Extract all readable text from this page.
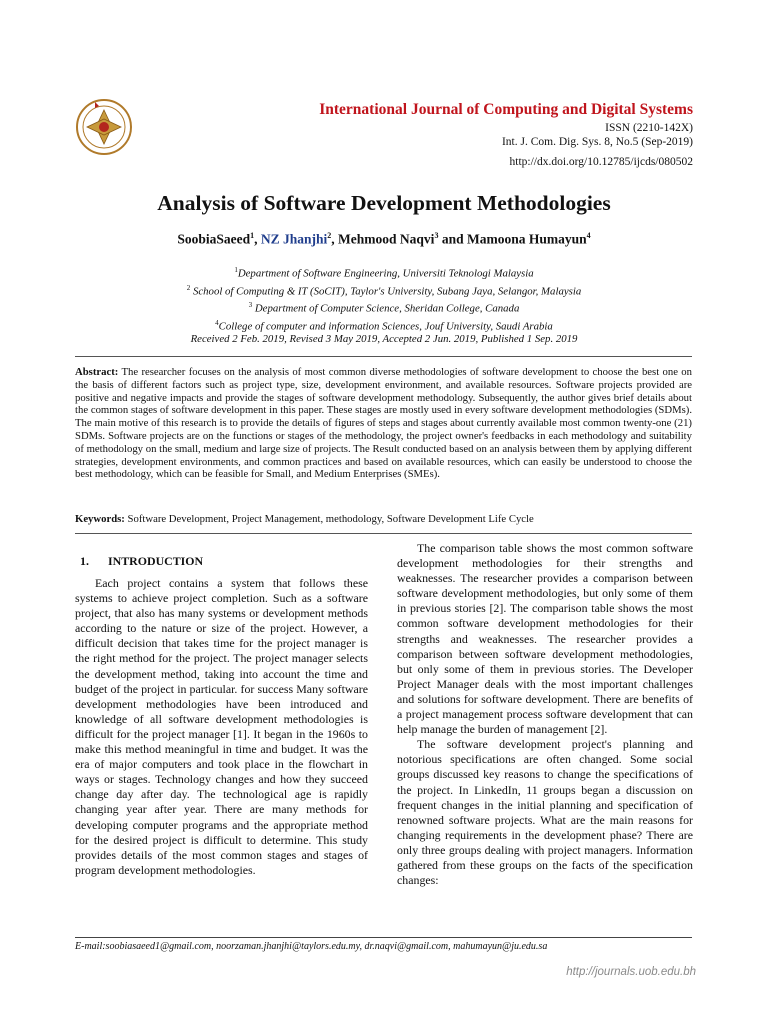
International Journal of Computing and Digital Systems
ISSN (2210-142X)
Int. J. Com. Dig. Sys. 8, No.5 (Sep-2019)
http://dx.doi.org/10.12785/ijcds/080502
Analysis of Software Development Methodologies
SoobiaSaeed$^1$, NZ Jhanjhi$^2$, Mehmood Naqvi$^3$ and Mamoona Humayun$^4$
$^1$Department of Software Engineering, Universiti Teknologi Malaysia
$^2$ School of Computing & IT (SoCIT), Taylor's University, Subang Jaya, Selangor, Malaysia
$^3$ Department of Computer Science, Sheridan College, Canada
$^4$College of computer and information Sciences, Jouf University, Saudi Arabia
Received 2 Feb. 2019, Revised 3 May 2019, Accepted 2 Jun. 2019, Published 1 Sep. 2019
Abstract: The researcher focuses on the analysis of most common diverse methodologies of software development to choose the best one on the basis of different factors such as project type, size, development environment, and available resources. Software projects provided are positive and negative impacts and provide the stages of software development methodology. Subsequently, the author gives brief details about the common stages of software development in this paper. These stages are mostly used in every software development methodologies (SDMs). The main motive of this research is to provide the details of figures of steps and stages about currently available most common twenty-one (21) SDMs. Software projects are on the functions or stages of the methodology, the project owner's feedbacks in each methodology and suitability of methodology on the small, medium and large size of projects. The Result conducted based on an analysis between them by applying different strategies, development environments, and common practices and based on available resources, which can easily be understood to choose the best methodology, which can be feasible for Small, and Medium Enterprises (SMEs).
Keywords: Software Development, Project Management, methodology, Software Development Life Cycle
1. INTRODUCTION

Each project contains a system that follows these systems to achieve project completion. Such as a software project, that also has many systems or development methods according to the nature or size of the project. However, a difficult decision that takes time for the project manager is the right method for the project. The project manager selects the development method, taking into account the time and budget of the project in particular. for success Many software development methodologies have been introduced and knowledge of all software development methodologies is difficult for the project manager [1]. It began in the 1960s to make this method meaningful in time and budget. It was the era of major computers and took place in the flowchart in ways or stages. Technology changes and how they succeed change day after day. The technological age is rapidly changing year after year. There are many methods for developing computer programs and the appropriate method for the desired project is difficult to determine. This study provides details of the most common stages and stages of program development methodologies.

The comparison table shows the most common software development methodologies for their strengths and weaknesses. The researcher provides a comparison between software development methodologies, but only some of them in previous stories [2]. The comparison table shows the most common software development methodologies for their strengths and weaknesses. The researcher provides a comparison between software development methodologies, but only some of them in previous stories. The Developer Project Manager deals with the most important challenges and solutions for software development. There are benefits of a project management process software development that can help manage the burden of management [2].

The software development project's planning and notorious specifications are often changed. Some social groups discussed key reasons to change the specifications of the project. In LinkedIn, 11 groups began a discussion on frequent changes in the initial planning and specification of renowned software projects. What are the main reasons for changing requirements in the development phase? There are only three groups dealing with project managers. Information gathered from these groups on the facts of the specification changes:

E-mail:soobiasaeed1@gmail.com, noorzaman.jhanjhi@taylors.edu.my, dr.naqvi@gmail.com, mahumayun@ju.edu.sa
http://journals.uob.edu.bh
